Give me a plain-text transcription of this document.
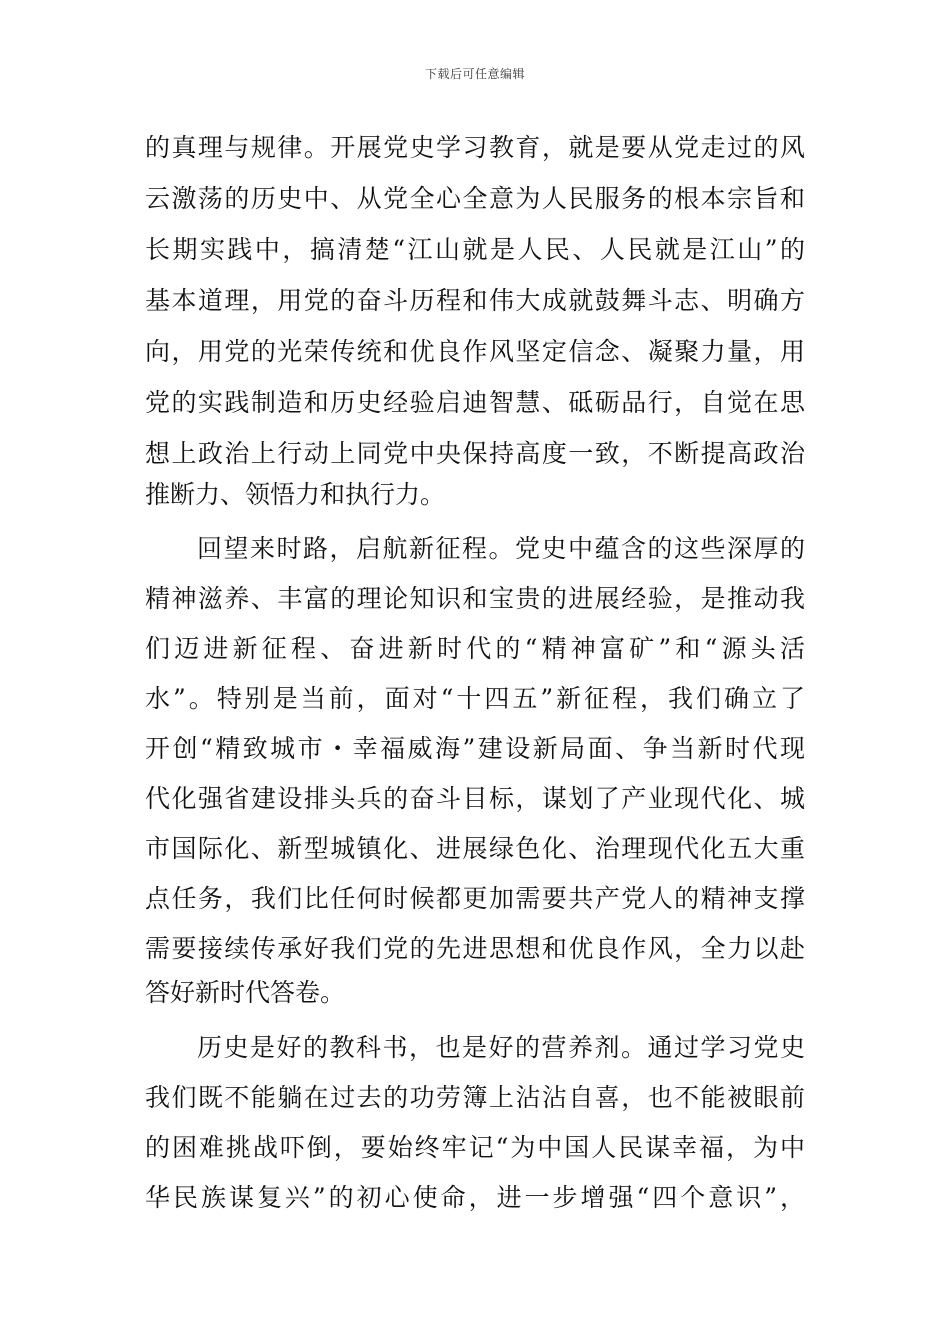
下载后可任意编辑
的真理与规律。开展党史学习教育，就是要从党走过的风
云激荡的历史中、从党全心全意为人民服务的根本宗旨和
长期实践中，搞清楚“江山就是人民、人民就是江山”的
基本道理，用党的奋斗历程和伟大成就鼓舞斗志、明确方
向，用党的光荣传统和优良作风坚定信念、凝聚力量，用
党的实践制造和历史经验启迪智慧、砥砺品行，自觉在思
想上政治上行动上同党中央保持高度一致，不断提高政治
推断力、领悟力和执行力。
回望来时路，启航新征程。党史中蕴含的这些深厚的
精神滋养、丰富的理论知识和宝贵的进展经验，是推动我
们迈进新征程、奋进新时代的“精神富矿”和“源头活
水”。特别是当前，面对“十四五”新征程，我们确立了
开创“精致城市・幸福威海”建设新局面、争当新时代现
代化强省建设排头兵的奋斗目标，谋划了产业现代化、城
市国际化、新型城镇化、进展绿色化、治理现代化五大重
点任务，我们比任何时候都更加需要共产党人的精神支撑
需要接续传承好我们党的先进思想和优良作风，全力以赴
答好新时代答卷。
历史是好的教科书，也是好的营养剂。通过学习党史
我们既不能躺在过去的功劳簿上沾沾自喜，也不能被眼前
的困难挑战吓倒，要始终牢记“为中国人民谋幸福，为中
华民族谋复兴”的初心使命，进一步增强“四个意识”，
